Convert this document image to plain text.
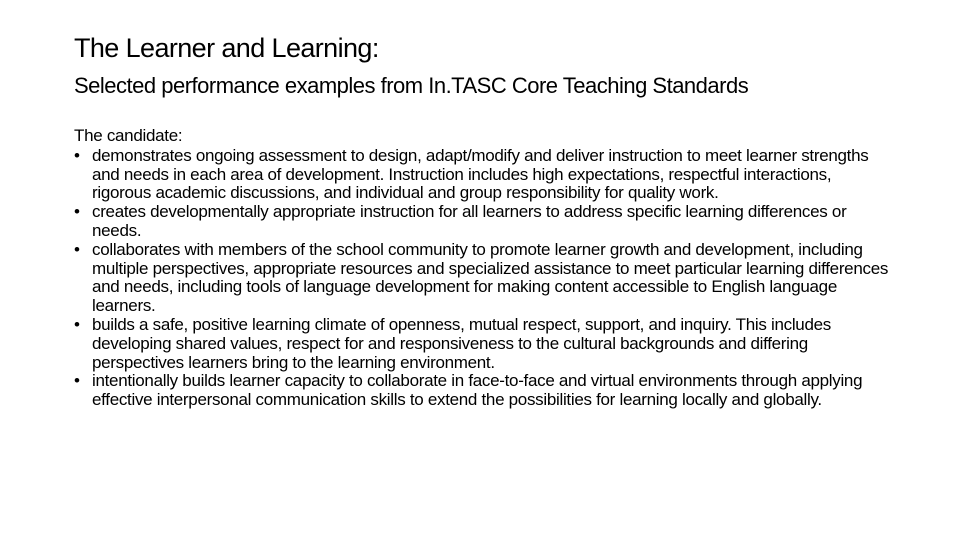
The Learner and Learning:
Selected performance examples from In.TASC Core Teaching Standards

The candidate:

• demonstrates ongoing assessment to design, adapt/modify and deliver instruction to meet learner strengths and needs in each area of development. Instruction includes high expectations, respectful interactions, rigorous academic discussions, and individual and group responsibility for quality work.
• creates developmentally appropriate instruction for all learners to address specific learning differences or needs.
• collaborates with members of the school community to promote learner growth and development, including multiple perspectives, appropriate resources and specialized assistance to meet particular learning differences and needs, including tools of language development for making content accessible to English language learners.
• builds a safe, positive learning climate of openness, mutual respect, support, and inquiry. This includes developing shared values, respect for and responsiveness to the cultural backgrounds and differing perspectives learners bring to the learning environment.
• intentionally builds learner capacity to collaborate in face-to-face and virtual environments through applying effective interpersonal communication skills to extend the possibilities for learning locally and globally.
